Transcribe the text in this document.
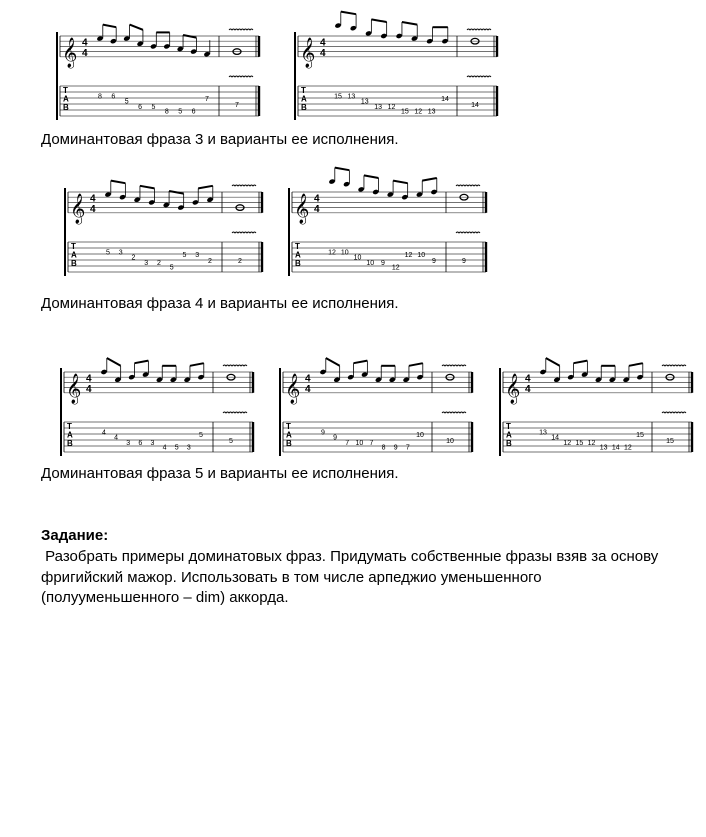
𝄞 4
4
T
A
B
8 6
5
6 5
8 5 6
7
7
𝄞 4
4
T
A
B
15 13
13
13 12
15 12 13
14
14
Доминантовая фраза 3 и варианты ее исполнения.
𝄞 4
4
T
A
B
5 3
2
3 2
5
5 3
2	2
𝄞 4
4
T
A
B
12 10
10
10 9
12
12 10
9	9
Доминантовая фраза 4 и варианты ее исполнения.
𝄞 4
4
T
A
B
4
4
3 6 3
4 5 3
5
5
𝄞 4
4
T
A
B
9
9
7 10 7
8 9 7
10
10
𝄞 4
4
T
A
B
13
14
12 15 12
13 14 12
15
15
Доминантовая фраза 5 и варианты ее исполнения.
Задание:
Разобрать примеры доминатовых фраз. Придумать собственные фразы взяв за основу фригийский мажор. Использовать в том числе арпеджио уменьшенного (полууменьшенного – dim) аккорда.
